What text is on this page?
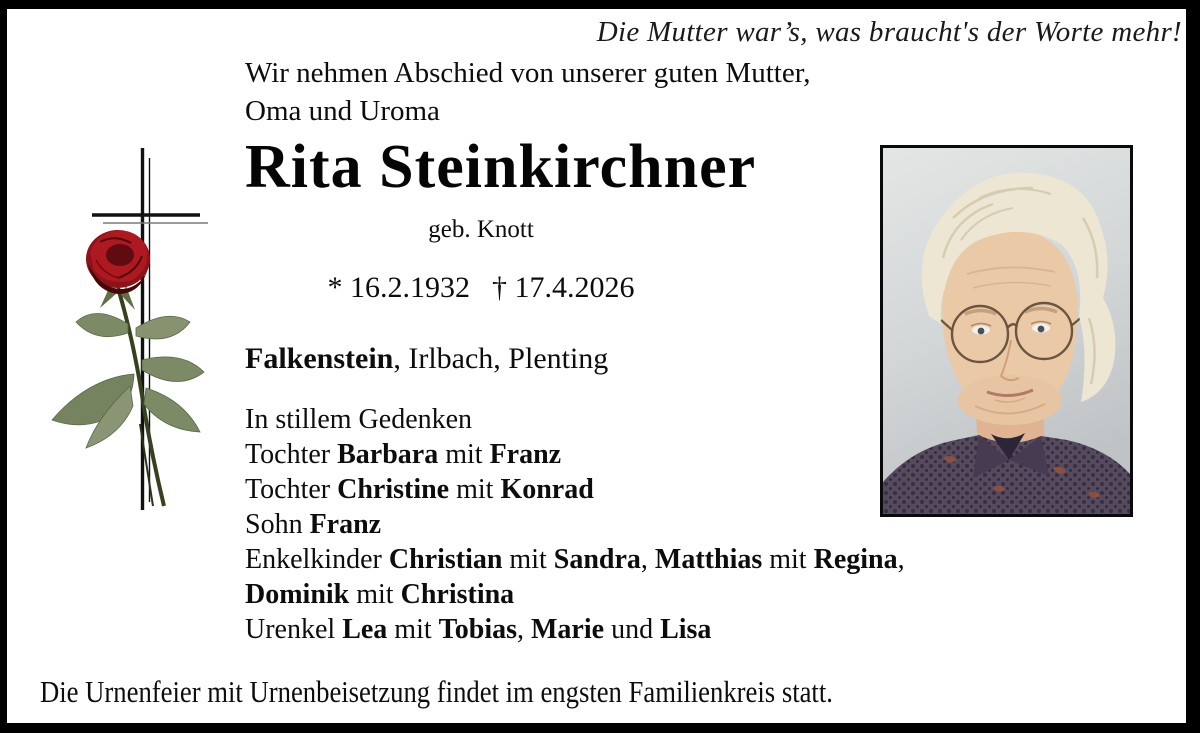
Die Mutter war’s, was braucht's der Worte mehr!
Wir nehmen Abschied von unserer guten Mutter,
Oma und Uroma
Rita Steinkirchner
geb. Knott
* 16.2.1932 † 17.4.2026
Falkenstein, Irlbach, Plenting
In stillem Gedenken
Tochter Barbara mit Franz
Tochter Christine mit Konrad
Sohn Franz
Enkelkinder Christian mit Sandra, Matthias mit Regina,
Dominik mit Christina
Urenkel Lea mit Tobias, Marie und Lisa
Die Urnenfeier mit Urnenbeisetzung findet im engsten Familienkreis statt.
